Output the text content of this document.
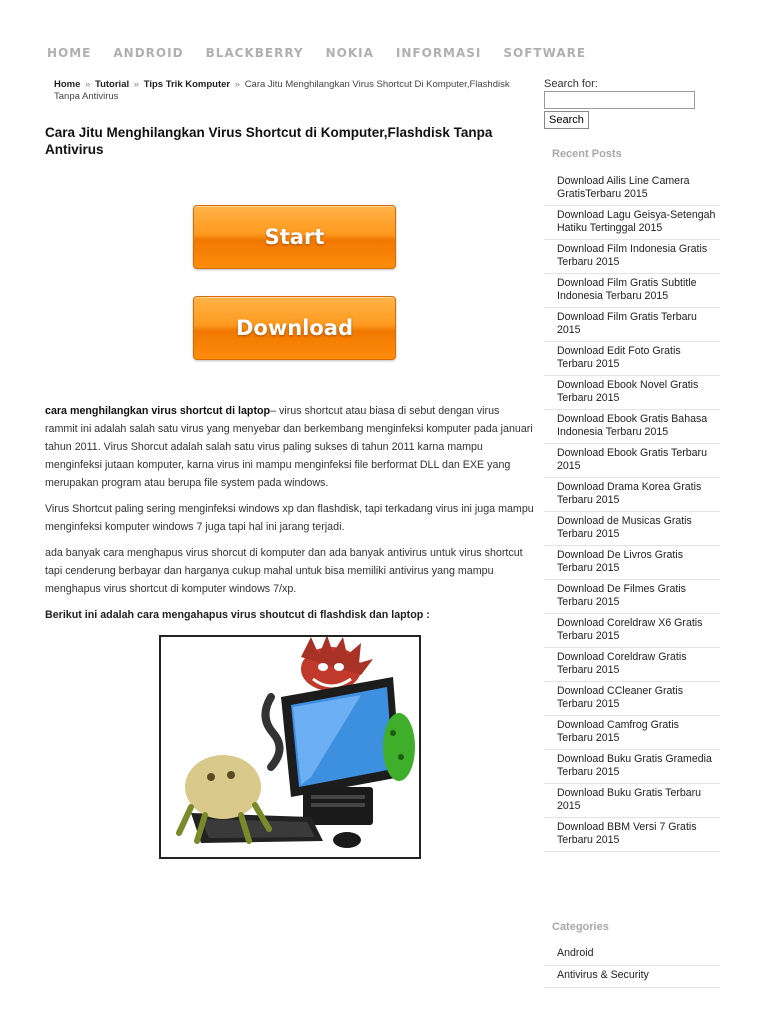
HOME ANDROID BLACKBERRY NOKIA INFORMASI SOFTWARE
Home » Tutorial » Tips Trik Komputer » Cara Jitu Menghilangkan Virus Shortcut Di Komputer,Flashdisk Tanpa Antivirus
Cara Jitu Menghilangkan Virus Shortcut di Komputer,Flashdisk Tanpa Antivirus
Start
Download

cara menghilangkan virus shortcut di laptop– virus shortcut atau biasa di sebut dengan virus rammit ini adalah salah satu virus yang menyebar dan berkembang menginfeksi komputer pada januari tahun 2011. Virus Shorcut adalah salah satu virus paling sukses di tahun 2011 karna mampu menginfeksi jutaan komputer, karna virus ini mampu menginfeksi file berformat DLL dan EXE yang merupakan program atau berupa file system pada windows.

Virus Shortcut paling sering menginfeksi windows xp dan flashdisk, tapi terkadang virus ini juga mampu menginfeksi komputer windows 7 juga tapi hal ini jarang terjadi.

ada banyak cara menghapus virus shorcut di komputer dan ada banyak antivirus untuk virus shortcut tapi cenderung berbayar dan harganya cukup mahal untuk bisa memiliki antivirus yang mampu menghapus virus shortcut di komputer windows 7/xp.

Berikut ini adalah cara mengahapus virus shoutcut di flashdisk dan laptop :

Search for:
Search
Recent Posts
Download Ailis Line Camera GratisTerbaru 2015
Download Lagu Geisya-Setengah Hatiku Tertinggal 2015
Download Film Indonesia Gratis Terbaru 2015
Download Film Gratis Subtitle Indonesia Terbaru 2015
Download Film Gratis Terbaru 2015
Download Edit Foto Gratis Terbaru 2015
Download Ebook Novel Gratis Terbaru 2015
Download Ebook Gratis Bahasa Indonesia Terbaru 2015
Download Ebook Gratis Terbaru 2015
Download Drama Korea Gratis Terbaru 2015
Download de Musicas Gratis Terbaru 2015
Download De Livros Gratis Terbaru 2015
Download De Filmes Gratis Terbaru 2015
Download Coreldraw X6 Gratis Terbaru 2015
Download Coreldraw Gratis Terbaru 2015
Download CCleaner Gratis Terbaru 2015
Download Camfrog Gratis Terbaru 2015
Download Buku Gratis Gramedia Terbaru 2015
Download Buku Gratis Terbaru 2015
Download BBM Versi 7 Gratis Terbaru 2015
Categories
Android
Antivirus & Security
